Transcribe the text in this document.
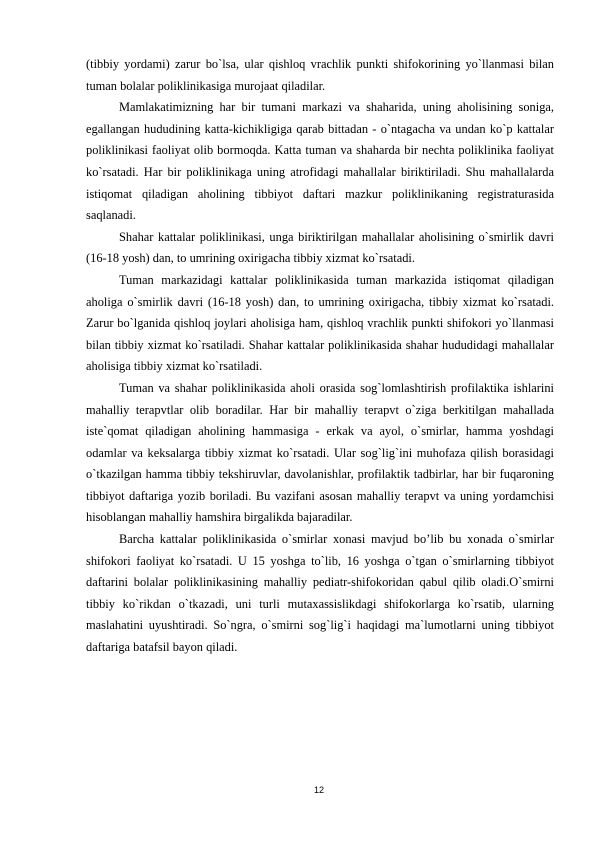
(tibbiy yordami) zarur bo`lsa, ular qishloq vrachlik punkti shifokorining yo`llanmasi bilan tuman bolalar poliklinikasiga murojaat qiladilar.

Mamlakatimizning har bir tumani markazi va shaharida, uning aholisining soniga, egallangan hududining katta-kichikligiga qarab bittadan - o`ntagacha va undan ko`p kattalar poliklinikasi faoliyat olib bormoqda. Katta tuman va shaharda bir nechta poliklinika faoliyat ko`rsatadi. Har bir poliklinikaga uning atrofidagi mahallalar biriktiriladi. Shu mahallalarda istiqomat qiladigan aholining tibbiyot daftari mazkur poliklinikaning registraturasida saqlanadi.

Shahar kattalar poliklinikasi, unga biriktirilgan mahallalar aholisining o`smirlik davri (16-18 yosh) dan, to umrining oxirigacha tibbiy xizmat ko`rsatadi.

Tuman markazidagi kattalar poliklinikasida tuman markazida istiqomat qiladigan aholiga o`smirlik davri (16-18 yosh) dan, to umrining oxirigacha, tibbiy xizmat ko`rsatadi. Zarur bo`lganida qishloq joylari aholisiga ham, qishloq vrachlik punkti shifokori yo`llanmasi bilan tibbiy xizmat ko`rsatiladi. Shahar kattalar poliklinikasida shahar hududidagi mahallalar aholisiga tibbiy xizmat ko`rsatiladi.

Tuman va shahar poliklinikasida aholi orasida sog`lomlashtirish profilaktika ishlarini mahalliy terapvtlar olib boradilar. Har bir mahalliy terapvt o`ziga berkitilgan mahallada iste`qomat qiladigan aholining hammasiga - erkak va ayol, o`smirlar, hamma yoshdagi odamlar va keksalarga tibbiy xizmat ko`rsatadi. Ular sog`lig`ini muhofaza qilish borasidagi o`tkazilgan hamma tibbiy tekshiruvlar, davolanishlar, profilaktik tadbirlar, har bir fuqaroning tibbiyot daftariga yozib boriladi. Bu vazifani asosan mahalliy terapvt va uning yordamchisi hisoblangan mahalliy hamshira birgalikda bajaradilar.

Barcha kattalar poliklinikasida o`smirlar xonasi mavjud bo’lib bu xonada o`smirlar shifokori faoliyat ko`rsatadi. U 15 yoshga to`lib, 16 yoshga o`tgan o`smirlarning tibbiyot daftarini bolalar poliklinikasining mahalliy pediatr-shifokoridan qabul qilib oladi.O`smirni tibbiy ko`rikdan o`tkazadi, uni turli mutaxassislikdagi shifokorlarga ko`rsatib, ularning maslahatini uyushtiradi. So`ngra, o`smirni sog`lig`i haqidagi ma`lumotlarni uning tibbiyot daftariga batafsil bayon qiladi.

12
